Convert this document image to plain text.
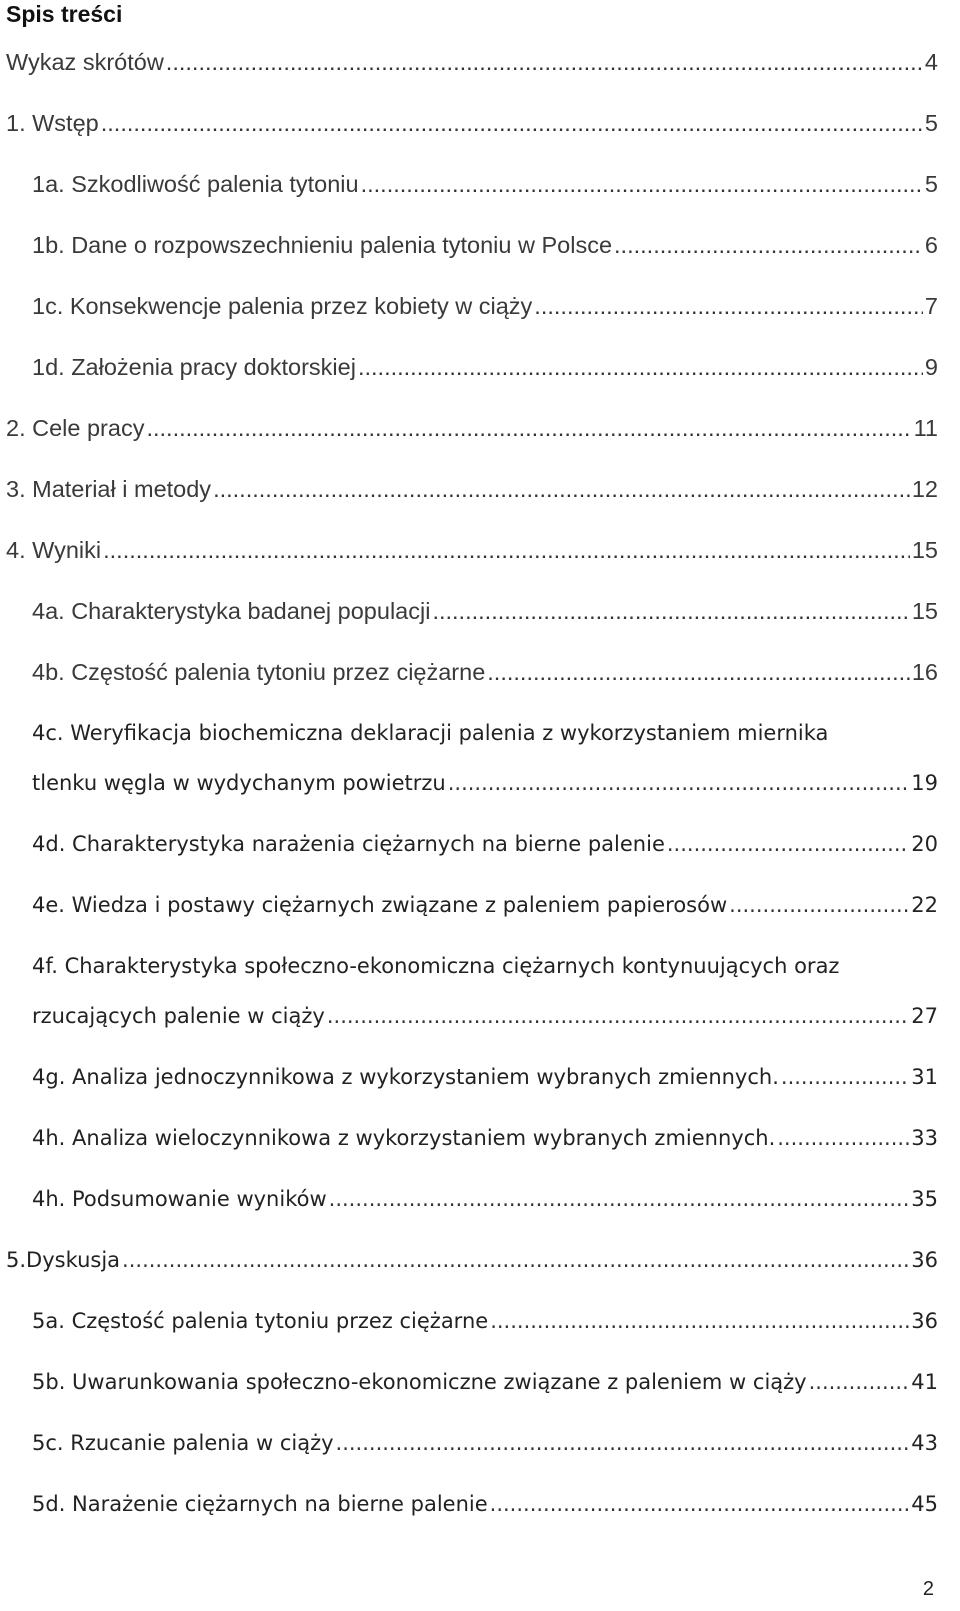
Spis treści
Wykaz skrótów .....	4
1. Wstęp .....	5
1a. Szkodliwość palenia tytoniu .....	5
1b. Dane o rozpowszechnieniu palenia tytoniu w Polsce .....	6
1c. Konsekwencje palenia przez kobiety w ciąży .....	7
1d. Założenia pracy doktorskiej .....	9
2. Cele pracy .....	11
3. Materiał i metody .....	12
4. Wyniki .....	15
4a. Charakterystyka badanej populacji .....	15
4b. Częstość palenia tytoniu przez ciężarne .....	16
4c. Weryfikacja biochemiczna deklaracji palenia z wykorzystaniem miernika
tlenku węgla w wydychanym powietrzu .....	19
4d. Charakterystyka narażenia ciężarnych na bierne palenie .....	20
4e. Wiedza i postawy ciężarnych związane z paleniem papierosów .....	22
4f. Charakterystyka społeczno-ekonomiczna ciężarnych kontynuujących oraz
rzucających palenie w ciąży .....	27
4g. Analiza jednoczynnikowa z wykorzystaniem wybranych zmiennych. .....	31
4h. Analiza wieloczynnikowa z wykorzystaniem wybranych zmiennych. .....	33
4h. Podsumowanie wyników .....	35
5.Dyskusja .....	36
5a. Częstość palenia tytoniu przez ciężarne .....	36
5b. Uwarunkowania społeczno-ekonomiczne związane z paleniem w ciąży .....	41
5c. Rzucanie palenia w ciąży .....	43
5d. Narażenie ciężarnych na bierne palenie .....	45
2
